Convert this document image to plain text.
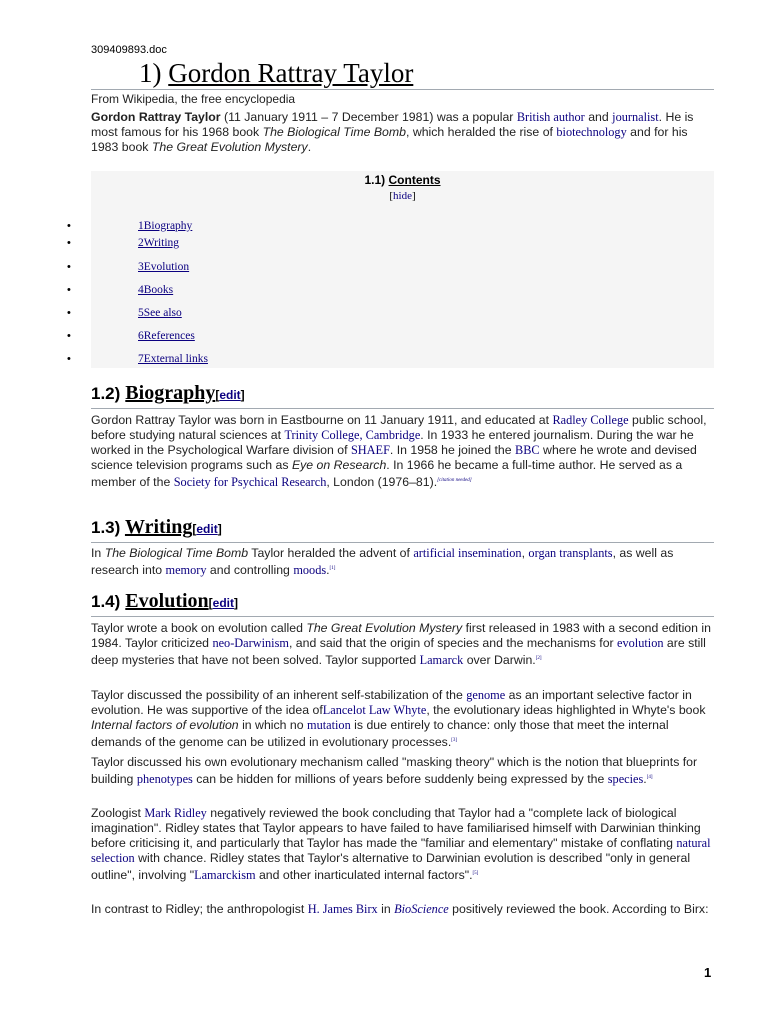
309409893.doc
1) Gordon Rattray Taylor
From Wikipedia, the free encyclopedia
Gordon Rattray Taylor (11 January 1911 – 7 December 1981) was a popular British author and journalist. He is most famous for his 1968 book The Biological Time Bomb, which heralded the rise of biotechnology and for his 1983 book The Great Evolution Mystery.
1.1) Contents
[hide]
•	1Biography
•	2Writing
•	3Evolution
•	4Books
•	5See also
•	6References
•	7External links
1.2) Biography[edit]
Gordon Rattray Taylor was born in Eastbourne on 11 January 1911, and educated at Radley College public school, before studying natural sciences at Trinity College, Cambridge. In 1933 he entered journalism. During the war he worked in the Psychological Warfare division of SHAEF. In 1958 he joined the BBC where he wrote and devised science television programs such as Eye on Research. In 1966 he became a full-time author. He served as a member of the Society for Psychical Research, London (1976–81).[citation needed]
1.3) Writing[edit]
In The Biological Time Bomb Taylor heralded the advent of artificial insemination, organ transplants, as well as research into memory and controlling moods.[1]
1.4) Evolution[edit]
Taylor wrote a book on evolution called The Great Evolution Mystery first released in 1983 with a second edition in 1984. Taylor criticized neo-Darwinism, and said that the origin of species and the mechanisms for evolution are still deep mysteries that have not been solved. Taylor supported Lamarck over Darwin.[2]
Taylor discussed the possibility of an inherent self-stabilization of the genome as an important selective factor in evolution. He was supportive of the idea ofLancelot Law Whyte, the evolutionary ideas highlighted in Whyte's book Internal factors of evolution in which no mutation is due entirely to chance: only those that meet the internal demands of the genome can be utilized in evolutionary processes.[3]
Taylor discussed his own evolutionary mechanism called "masking theory" which is the notion that blueprints for building phenotypes can be hidden for millions of years before suddenly being expressed by the species.[4]
Zoologist Mark Ridley negatively reviewed the book concluding that Taylor had a "complete lack of biological imagination". Ridley states that Taylor appears to have failed to have familiarised himself with Darwinian thinking before criticising it, and particularly that Taylor has made the "familiar and elementary" mistake of conflating natural selection with chance. Ridley states that Taylor's alternative to Darwinian evolution is described "only in general outline", involving "Lamarckism and other inarticulated internal factors".[5]
In contrast to Ridley; the anthropologist H. James Birx in BioScience positively reviewed the book. According to Birx:
1
